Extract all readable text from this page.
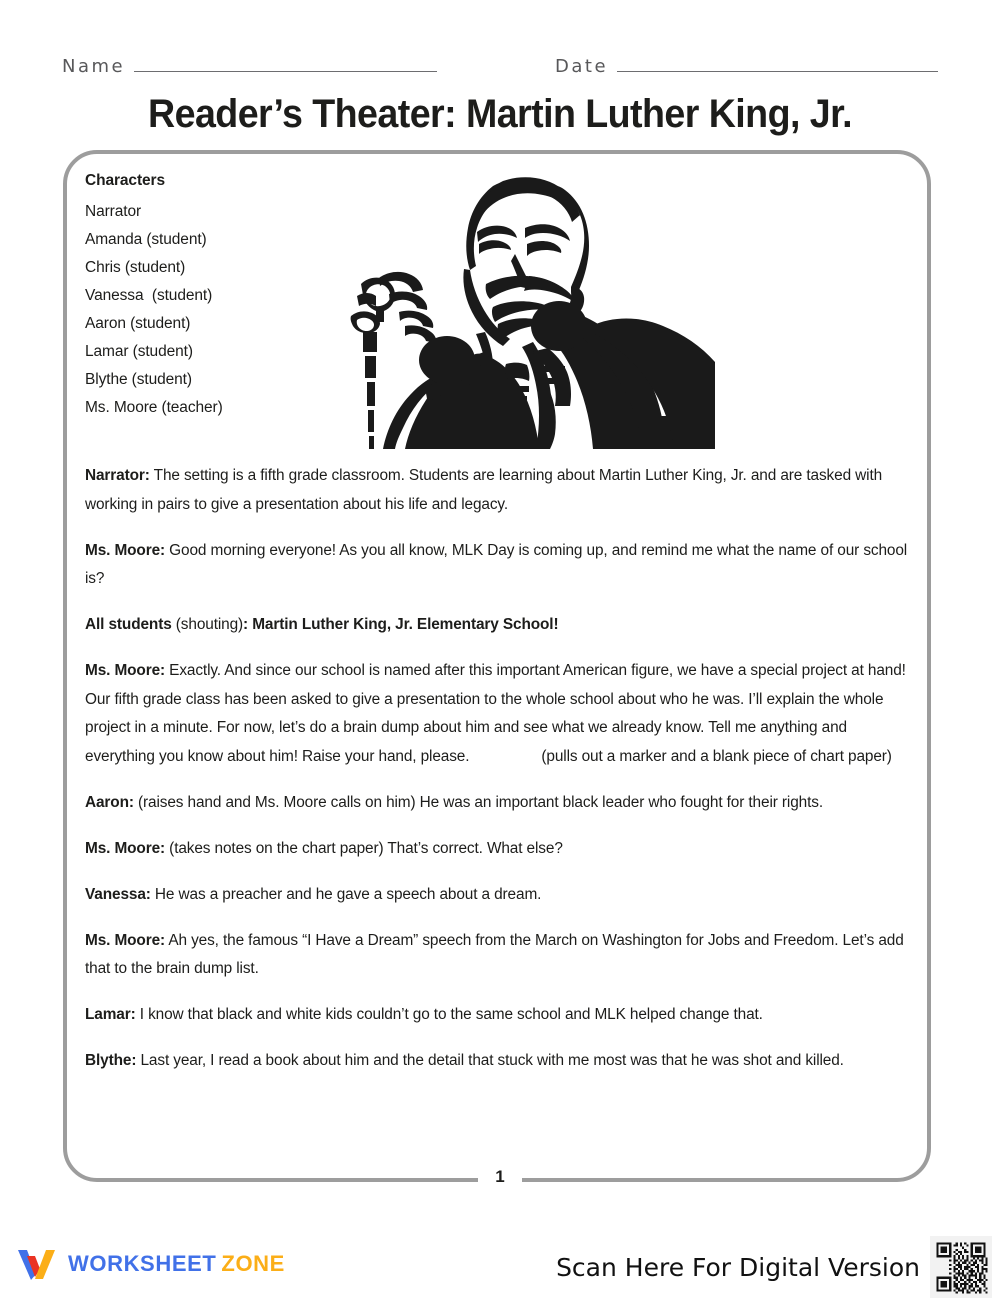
Name	Date
Reader’s Theater: Martin Luther King, Jr.
Characters
Narrator
Amanda (student)
Chris (student)
Vanessa  (student)
Aaron (student)
Lamar (student)
Blythe (student)
Ms. Moore (teacher)

Narrator: The setting is a fifth grade classroom. Students are learning about Martin Luther King, Jr. and are tasked with working in pairs to give a presentation about his life and legacy.

Ms. Moore: Good morning everyone! As you all know, MLK Day is coming up, and remind me what the name of our school is?

All students (shouting): Martin Luther King, Jr. Elementary School!

Ms. Moore: Exactly. And since our school is named after this important American figure, we have a special project at hand! Our fifth grade class has been asked to give a presentation to the whole school about who he was. I’ll explain the whole project in a minute. For now, let’s do a brain dump about him and see what we already know. Tell me anything and everything you know about him! Raise your hand, please.	(pulls out a marker and a blank piece of chart paper)

Aaron: (raises hand and Ms. Moore calls on him) He was an important black leader who fought for their rights.

Ms. Moore: (takes notes on the chart paper) That’s correct. What else?

Vanessa: He was a preacher and he gave a speech about a dream.

Ms. Moore: Ah yes, the famous “I Have a Dream” speech from the March on Washington for Jobs and Freedom. Let’s add that to the brain dump list.

Lamar: I know that black and white kids couldn’t go to the same school and MLK helped change that.

Blythe: Last year, I read a book about him and the detail that stuck with me most was that he was shot and killed.

1
WORKSHEET ZONE	Scan Here For Digital Version
